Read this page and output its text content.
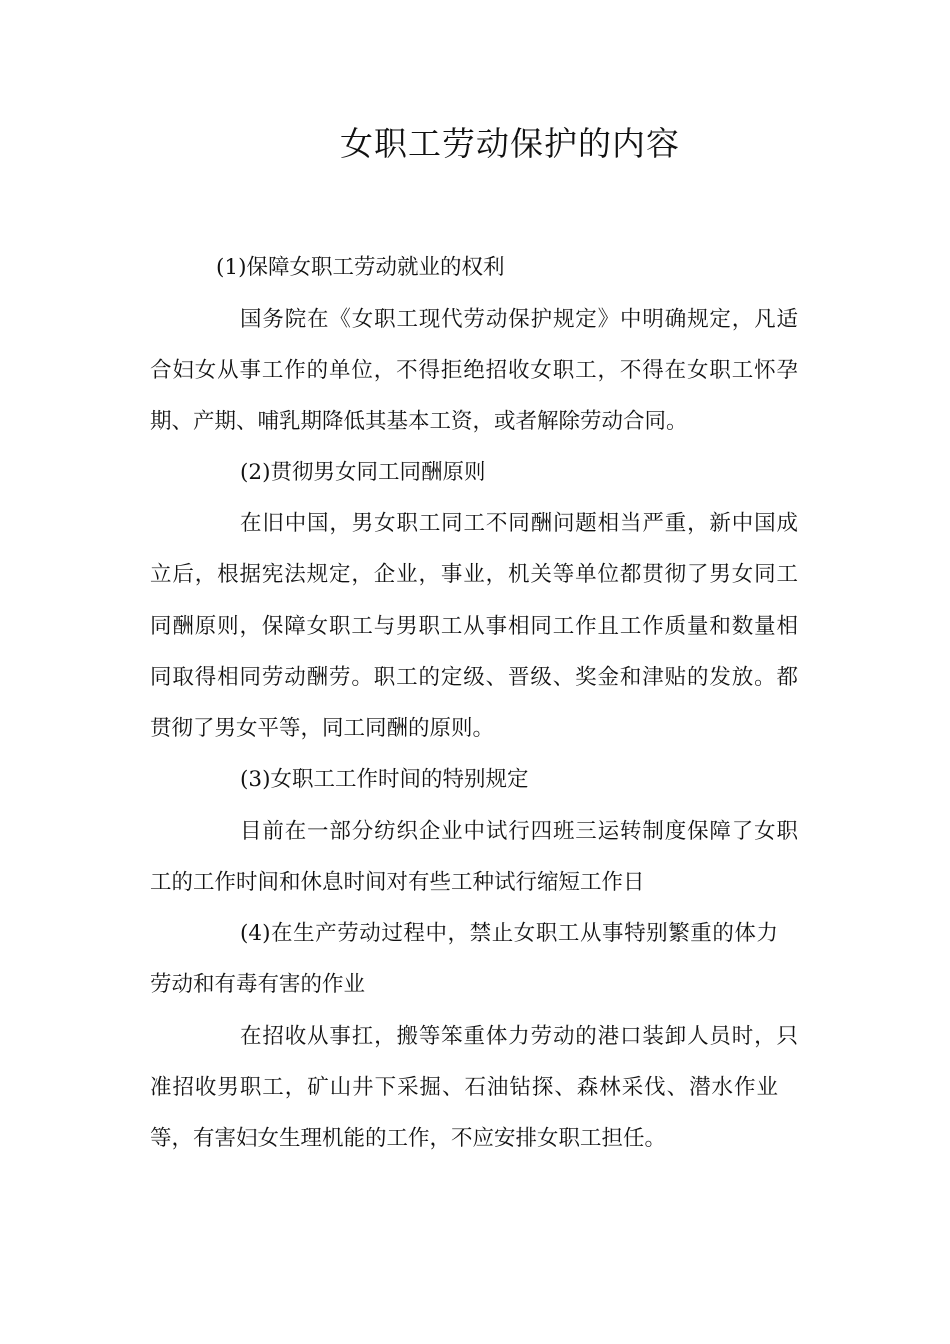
女职工劳动保护的内容
(1)保障女职工劳动就业的权利
国务院在《女职工现代劳动保护规定》中明确规定，凡适
合妇女从事工作的单位，不得拒绝招收女职工，不得在女职工怀孕
期、产期、哺乳期降低其基本工资，或者解除劳动合同。
(2)贯彻男女同工同酬原则
在旧中国，男女职工同工不同酬问题相当严重，新中国成
立后，根据宪法规定，企业，事业，机关等单位都贯彻了男女同工
同酬原则，保障女职工与男职工从事相同工作且工作质量和数量相
同取得相同劳动酬劳。职工的定级、晋级、奖金和津贴的发放。都
贯彻了男女平等，同工同酬的原则。
(3)女职工工作时间的特别规定
目前在一部分纺织企业中试行四班三运转制度保障了女职
工的工作时间和休息时间对有些工种试行缩短工作日
(4)在生产劳动过程中，禁止女职工从事特别繁重的体力
劳动和有毒有害的作业
在招收从事扛，搬等笨重体力劳动的港口装卸人员时，只
准招收男职工，矿山井下采掘、石油钻探、森林采伐、潜水作业
等，有害妇女生理机能的工作，不应安排女职工担任。
